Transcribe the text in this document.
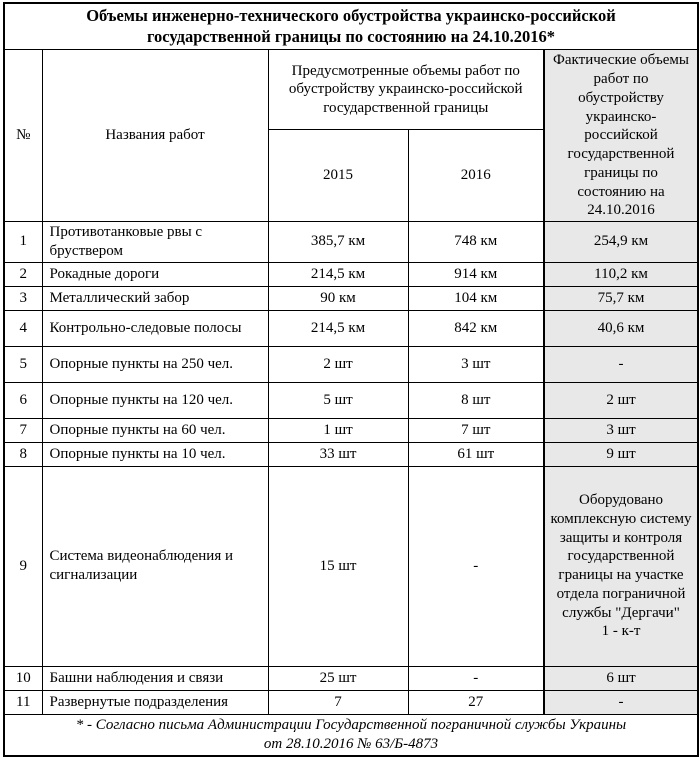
Объемы инженерно-технического обустройства украинско-российской государственной границы по состоянию на 24.10.2016*				
№	Названия работ	Предусмотренные объемы работ по обустройству украинско-российской государственной границы		Фактические объемы работ по обустройству украинско-российской государственной границы по состоянию на 24.10.2016
		2015	2016	
1	Противотанковые рвы с бруствером	385,7 км	748 км	254,9 км
2	Рокадные дороги	214,5 км	914 км	110,2 км
3	Металлический забор	90 км	104 км	75,7 км
4	Контрольно-следовые полосы	214,5 км	842 км	40,6 км
5	Опорные пункты на 250 чел.	2 шт	3 шт	-
6	Опорные пункты на 120 чел.	5 шт	8 шт	2 шт
7	Опорные пункты на 60 чел.	1 шт	7 шт	3 шт
8	Опорные пункты на 10 чел.	33 шт	61 шт	9 шт
9	Система видеонаблюдения и сигнализации	15 шт	-	Оборудовано комплексную систему защиты и контроля государственной границы на участке отдела пограничной службы "Дергачи"
1 - к-т

10	Башни наблюдения и связи	25 шт	-	6 шт
11	Развернутые подразделения	7	27	-

* - Согласно письма Администрации Государственной пограничной службы Украины
от 28.10.2016 № 63/Б-4873				
